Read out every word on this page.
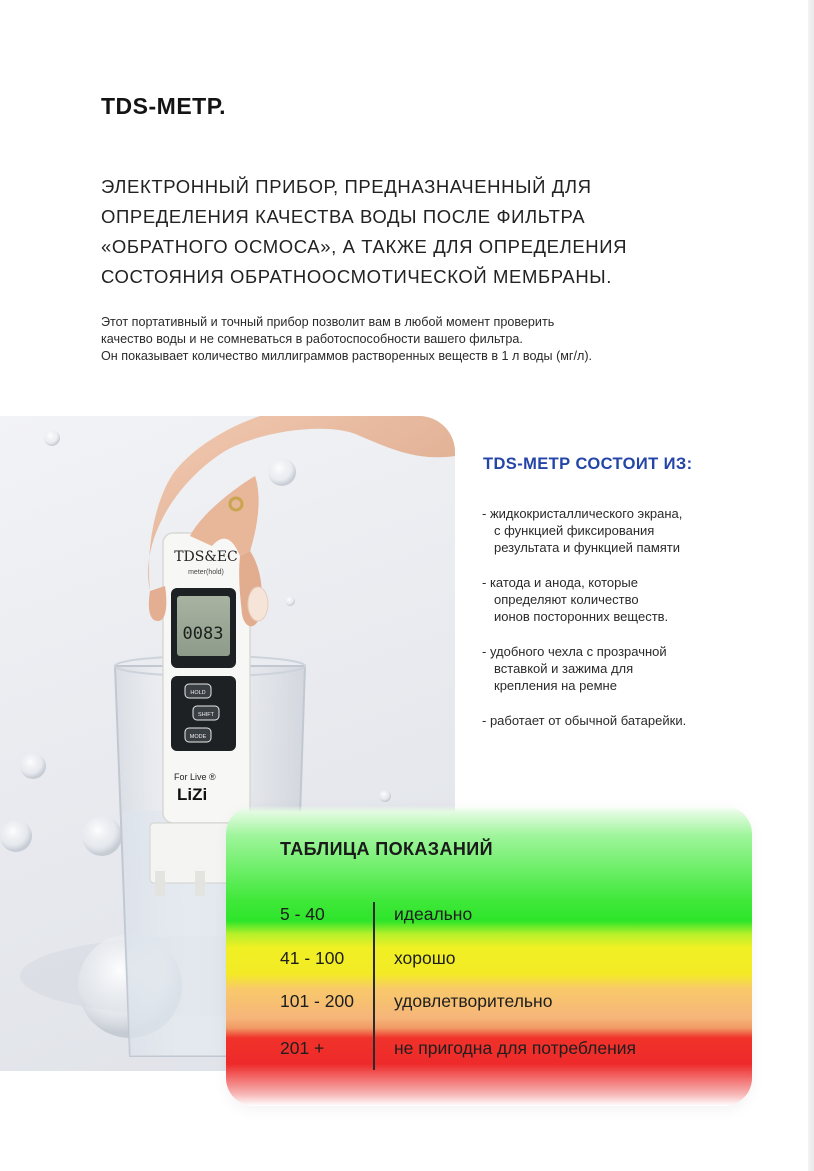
TDS-МЕТР.
ЭЛЕКТРОННЫЙ ПРИБОР, ПРЕДНАЗНАЧЕННЫЙ ДЛЯ
ОПРЕДЕЛЕНИЯ КАЧЕСТВА ВОДЫ ПОСЛЕ ФИЛЬТРА
«ОБРАТНОГО ОСМОСА», А ТАКЖЕ ДЛЯ ОПРЕДЕЛЕНИЯ
СОСТОЯНИЯ ОБРАТНООСМОТИЧЕСКОЙ МЕМБРАНЫ.
Этот портативный и точный прибор позволит вам в любой момент проверить
качество воды и не сомневаться в работоспособности вашего фильтра.
Он показывает количество миллиграммов растворенных веществ в 1 л воды (мг/л).
TDS&EC
meter(hold)
0083
HOLD
SHIFT
MODE
For Live ®
LiZi
TDS-МЕТР СОСТОИТ ИЗ:
- жидкокристаллического экрана,
с функцией фиксирования
результата и функцией памяти
- катода и анода, которые
определяют количество
ионов посторонних веществ.
- удобного чехла с прозрачной
вставкой и зажима для
крепления на ремне
- работает от обычной батарейки.
ТАБЛИЦА ПОКАЗАНИЙ
5 - 40	идеально
41 - 100	хорошо
101 - 200 удовлетворительно
201 +	не пригодна для потребления
